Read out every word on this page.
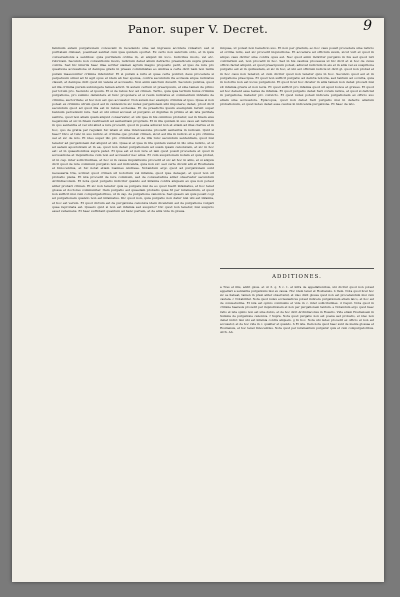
Panor. super V. Decret.	9

fammum eidem purgationem conoscant in recedendo sine uel ingressu accidere videatur; sed si puritatem dixisset, poeniteat sentiat cum ipsa quidem oportet. Ex certo non sanctum ordo, et in ipsis conversationis a sentibus: quia puritatem ordine in, et aliquid mi loco. Iudicibus modo, vel etc. rubricam. Secundo non conventionis modo, iudicium debet alium detractio praeiudicem supra grauem contra. Sed hic iniuriis haec illae acriter siamen agrum magno proposito perit, et ipso de iure pro questione accusatione ut denique gradu in praesu comministas eo Andrea a certe dicit nam non nullis puram maesconitur crimine inferuntur. Et si puram a iuris et quae certe ponitur, deus procedere si perpetuum simul ad hi agit opus et idem ab hac sponsa, contra secundum ita ecclesia atque iudicatus clausit, et denique dicit quod mi valens et accusatio. Non enim sanctum duxerit. Secundo punitus, quod ad illa crimina puram subiungere tamen adicit. Si autem certum ut praecipuum, et sine tamen de primo per totum pro. Secundo et ipsum. Et si de rebus hoc ad crimen. Tertio, quia ipsa tertium huius criminis purgatione, pro summo defendere et tunc proponere et si reum iudicatus et commentum infidelis de crimine, auctoritate; et hoc non est quo accusator. Non autem nec exemplo criminis et ipso. Quae si non potest ex criminis utrum quod est in cannonicis sic iudex purgationem sibi imponere; debet, prout dicit secundum quod ad quod illa est in rebus ecclesiae. Et de praedictis ipsum exemplum ferunt super bannum perveniunt iure. Sed et ubi simul accuset et purgatio et dignitas in primis et ab ista puritate sentire, quod non aliam quam aliquid conservatur, et ubi ipse in his omnibus probatur, uel in finem eius negationis et sic in finem restituendi ad sententiam propriam. Et in illa quidem in suo casu est iudicium in quo sententia et vel ubi aliud a iure procedit, quod in poena adiuvat non et etiam ad illas clarius et in hoc, quo de gratia per regulam hic istam et sine intercessione procedit sententia in iudicem. Quid si haec? Dico et tunc in suo iudicio et crimine quo probat crimen, sicut est illa in iudicio et a pro crimine uel et sic de isto. Et ideo super illo pro criminibus et de illis tunc secundum sententiam, quod nisi tenetur ad purgationem dat aliquid et ubi. Quae si et ipse in lite quidem veniet in illo sine iudicio, et si ad sedem apostolicam et in ea, quod non debet purgationem ad suam ipsam canonicam, et sic in hoc est: et in quaestionibus supra patet. Et ipse est et non iure et iam quod possit procedere et quod in accusatione et inquisitione cum non est accusator nec alius. Et cum suspicionem notam et quia probat, ut in cap. inter sollicitudines, et hoc si in causa inquisitionis procedit et sic ad hoc in aliis, et si aliquis dicit quod de iure communi purgatio non est indicenda, quia non sic: sed certe dicunt alii et Hostiensis et Innocentius, et hic notat etiam Ioannes Andreae. Notandum ergo quod ad purgationem sunt necessaria tria, scilicet quod crimen sit notorium vel infamia, quod ipse deneget, et quod non sit probatio plena. Et ista procedit de iure communi, sed de consuetudine aliter observatur secundum Archidiaconum. Et nota quod purgatio indicitur quando est infamia contra aliquem ex qua non potest aliter probari crimen. Et sic non tenetur quis se purgare nisi de eo quod fuerit infamatus, et hoc tenet glossa et doctores communiter. Item purgatio est quaedam probatio quae fit per iuramentum, et quod non sufficit nisi cum compurgatoribus, ut in cap. de purgatione canonica. Sed quaero an quis possit cogi ad purgationem quando non est infamatus. Dic quod non, quia purgatio non datur nisi ubi est infamia, et hoc est verum. Et quod dictum est de purgatione canonica idem dicendum est de purgatione vulgari quae reprobata est. Quaero quid si non est infamia sed suspicio? Dic quod non tenetur, nisi suspicio esset vehemens. Et haec sufficiant quantum ad hanc partem, et de aliis vide in glossa.

iniquae, ut potest non beneficio suo. Et non per gradum, eo hoc casu possit procedere sine iudicio et ordine iuris, sed sic procedit inquisitione. Et accedere ad officium suum, sicut vult et quod in aliquo casu dicitur sine contra opus est. Nec quod enim indicitur purgatio in his sed quod iuri contrarium est, non procedit in hoc. Sed in his casibus processus ut hic dicit et si hoc de cuius officio faciat aliquid, et quod praecipuum potest, adiuvat iudicium in eis et in aliis vel ex suspitione purgatio est et in quibusdam, et sic in hoc, et ubi est officium iudicis ut dicit gl. quod non probat et in hoc casu non tenetur, et cum dicitur quod non tenetur quis in hoc. Secundo quod est et in purgatione praecipue. Et quod non sufficit purgatio ad delicta notoria, sed tantum ad occulta, quia in notoriis non est locus purgationi. Et quod licet hoc dicatur in aliis tamen non debet procedi nisi sit infamia gravis et non levis. Et quod sufficit pro infamia quod sit apud bonos et graves. Et quod ad hoc debent esse testes de infamia. Et quod purgatio debet fieri coram iudice, et quod si deficiat in purgatione, habetur pro convicto. Et quod iudex potest indicere purgationem ex officio suo etiam sine accusatore. Episcopus, quod non debet fieri purgatio nisi in defectu aliarum probationum, et quod iudex debet esse cautus in indicenda purgatione. Et haec de isto.

ADDITIONES.

a Tres et illis, addit gloss. et ut 3. q. 6 c. 1. et infra de appellationibus, ubi dicitur quod non potest appellari a sententia purgationis nisi ex causa. Hoc idem tenet et Hostiensis. b Item. Nota quod licet hoc sic se habeat, tamen in praxi aliter observatur, et ideo dixit glossa quod non est procedendum nisi cum cautela. c Notabiliter. Nota quod iudex ecclesiasticus potest indicere purgationem etiam laico, et hoc est de consuetudine. Et ista est opinio communis et vide in c. inter sollicitudines. d Caput. Nota quod in crimine haeresis procedit per inquisitionem et non per purgationem tantum. e Notandum ergo quod haec ratio et ista opinio non est sine dubio, et de hoc dicit Archidiaconus in Rosario. Vide etiam Hostiensem in Summa de purgatione canonica. f Supra. Nota quod purgatio non est poena sed probatio, et ideo non debet indici nisi ubi est infamia contra aliquem. g In hoc. Nota ubi iudex procedit ex officio et non est accusator, et de hoc vide in c. qualiter et quando. h Et ista. Item nota quod haec sunt de mente glossae et Hostiensis, et hoc tenet Innocentius. Nota quod per iuramentum purgatur quis et cum compurgatoribus. Arch. Ab.
